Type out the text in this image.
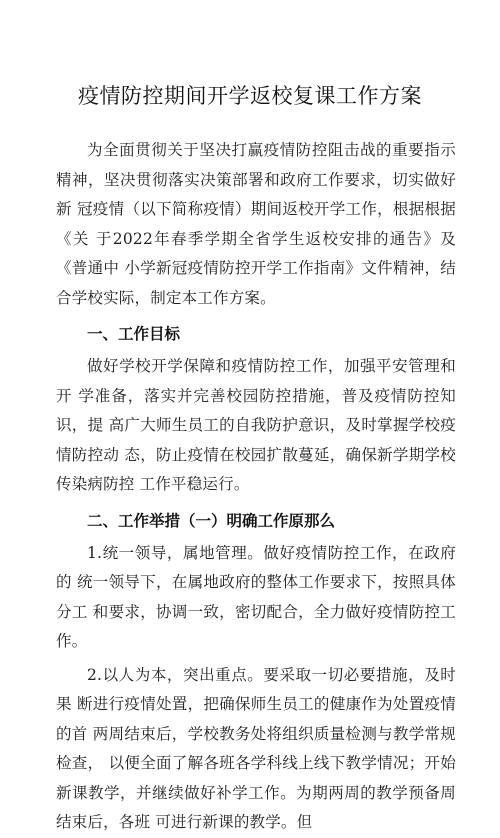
疫情防控期间开学返校复课工作方案

为全面贯彻关于坚决打赢疫情防控阻击战的重要指示 精神，坚决贯彻落实决策部署和政府工作要求，切实做好新 冠疫情（以下简称疫情）期间返校开学工作，根据根据《关 于2022年春季学期全省学生返校安排的通告》及《普通中 小学新冠疫情防控开学工作指南》文件精神，结合学校实际，制定本工作方案。

一、工作目标

做好学校开学保障和疫情防控工作，加强平安管理和开 学准备，落实并完善校园防控措施，普及疫情防控知识，提 高广大师生员工的自我防护意识，及时掌握学校疫情防控动 态，防止疫情在校园扩散蔓延，确保新学期学校传染病防控 工作平稳运行。

二、工作举措（一）明确工作原那么

1.统一领导，属地管理。做好疫情防控工作，在政府的 统一领导下，在属地政府的整体工作要求下，按照具体分工 和要求，协调一致，密切配合，全力做好疫情防控工作。

2.以人为本，突出重点。要采取一切必要措施，及时果 断进行疫情处置，把确保师生员工的健康作为处置疫情的首 两周结束后，学校教务处将组织质量检测与教学常规检查， 以便全面了解各班各学科线上线下教学情况；开始新课教学，并继续做好补学工作。为期两周的教学预备周结束后，各班 可进行新课的教学。但
